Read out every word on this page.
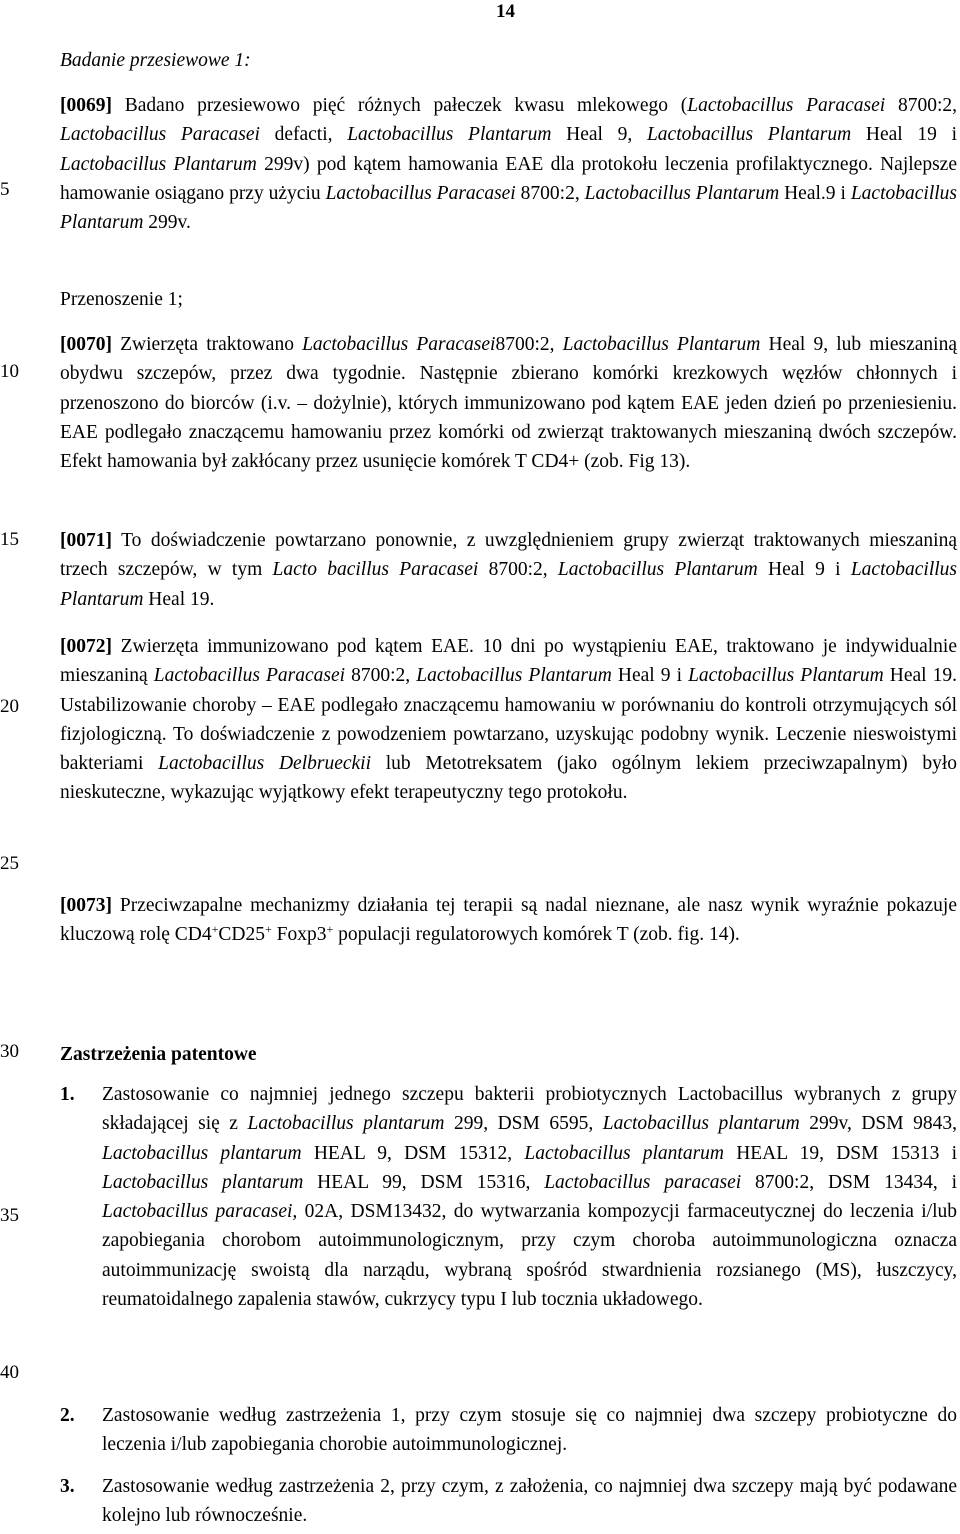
14
5
10
15
20
25
30
35
40
Badanie przesiewowe 1:
[0069] Badano przesiewowo pięć różnych pałeczek kwasu mlekowego (Lactobacillus Paracasei 8700:2, Lactobacillus Paracasei defacti, Lactobacillus Plantarum Heal 9, Lactobacillus Plantarum Heal 19 i Lactobacillus Plantarum 299v) pod kątem hamowania EAE dla protokołu leczenia profilaktycznego. Najlepsze hamowanie osiągano przy użyciu Lactobacillus Paracasei 8700:2, Lactobacillus Plantarum Heal.9 i Lactobacillus Plantarum 299v.
Przenoszenie 1;
[0070] Zwierzęta traktowano Lactobacillus Paracasei8700:2, Lactobacillus Plantarum Heal 9, lub mieszaniną obydwu szczepów, przez dwa tygodnie. Następnie zbierano komórki krezkowych węzłów chłonnych i przenoszono do biorców (i.v. – dożylnie), których immunizowano pod kątem EAE jeden dzień po przeniesieniu. EAE podlegało znaczącemu hamowaniu przez komórki od zwierząt traktowanych mieszaniną dwóch szczepów. Efekt hamowania był zakłócany przez usunięcie komórek T CD4+ (zob. Fig 13).
[0071] To doświadczenie powtarzano ponownie, z uwzględnieniem grupy zwierząt traktowanych mieszaniną trzech szczepów, w tym Lacto bacillus Paracasei 8700:2, Lactobacillus Plantarum Heal 9 i Lactobacillus Plantarum Heal 19.
[0072] Zwierzęta immunizowano pod kątem EAE. 10 dni po wystąpieniu EAE, traktowano je indywidualnie mieszaniną Lactobacillus Paracasei 8700:2, Lactobacillus Plantarum Heal 9 i Lactobacillus Plantarum Heal 19. Ustabilizowanie choroby – EAE podlegało znaczącemu hamowaniu w porównaniu do kontroli otrzymujących sól fizjologiczną. To doświadczenie z powodzeniem powtarzano, uzyskując podobny wynik. Leczenie nieswoistymi bakteriami Lactobacillus Delbrueckii lub Metotreksatem (jako ogólnym lekiem przeciwzapalnym) było nieskuteczne, wykazując wyjątkowy efekt terapeutyczny tego protokołu.
[0073] Przeciwzapalne mechanizmy działania tej terapii są nadal nieznane, ale nasz wynik wyraźnie pokazuje kluczową rolę CD4+CD25+ Foxp3+ populacji regulatorowych komórek T (zob. fig. 14).
Zastrzeżenia patentowe
1. Zastosowanie co najmniej jednego szczepu bakterii probiotycznych Lactobacillus wybranych z grupy składającej się z Lactobacillus plantarum 299, DSM 6595, Lactobacillus plantarum 299v, DSM 9843, Lactobacillus plantarum HEAL 9, DSM 15312, Lactobacillus plantarum HEAL 19, DSM 15313 i Lactobacillus plantarum HEAL 99, DSM 15316, Lactobacillus paracasei 8700:2, DSM 13434, i Lactobacillus paracasei, 02A, DSM13432, do wytwarzania kompozycji farmaceutycznej do leczenia i/lub zapobiegania chorobom autoimmunologicznym, przy czym choroba autoimmunologiczna oznacza autoimmunizację swoistą dla narządu, wybraną spośród stwardnienia rozsianego (MS), łuszczycy, reumatoidalnego zapalenia stawów, cukrzycy typu I lub tocznia układowego.
2. Zastosowanie według zastrzeżenia 1, przy czym stosuje się co najmniej dwa szczepy probiotyczne do leczenia i/lub zapobiegania chorobie autoimmunologicznej.
3. Zastosowanie według zastrzeżenia 2, przy czym, z założenia, co najmniej dwa szczepy mają być podawane kolejno lub równocześnie.
